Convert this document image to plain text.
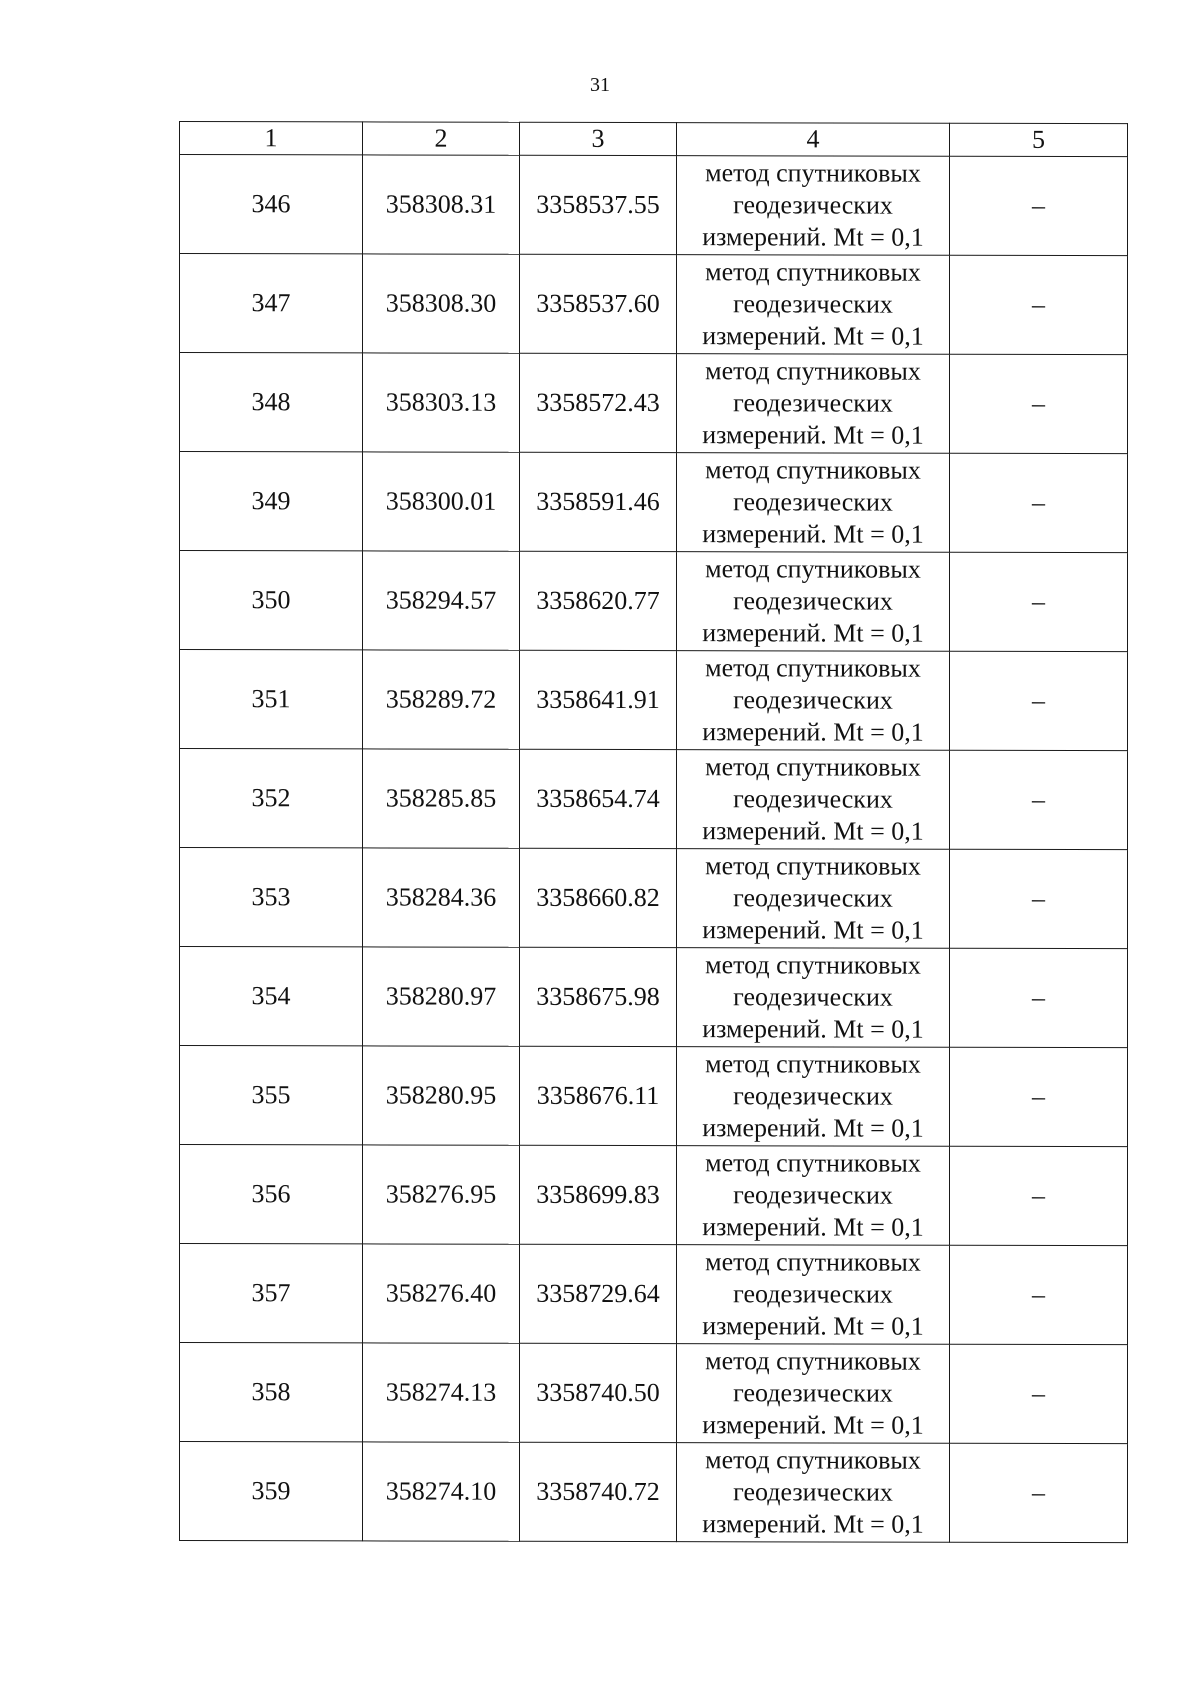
31
1	2	3	4	5
346	358308.31	3358537.55	метод спутниковых
геодезических
измерений. Mt = 0,1	–
347	358308.30	3358537.60	метод спутниковых
геодезических
измерений. Mt = 0,1	–
348	358303.13	3358572.43	метод спутниковых
геодезических
измерений. Mt = 0,1	–
349	358300.01	3358591.46	метод спутниковых
геодезических
измерений. Mt = 0,1	–
350	358294.57	3358620.77	метод спутниковых
геодезических
измерений. Mt = 0,1	–
351	358289.72	3358641.91	метод спутниковых
геодезических
измерений. Mt = 0,1	–
352	358285.85	3358654.74	метод спутниковых
геодезических
измерений. Mt = 0,1	–
353	358284.36	3358660.82	метод спутниковых
геодезических
измерений. Mt = 0,1	–
354	358280.97	3358675.98	метод спутниковых
геодезических
измерений. Mt = 0,1	–
355	358280.95	3358676.11	метод спутниковых
геодезических
измерений. Mt = 0,1	–
356	358276.95	3358699.83	метод спутниковых
геодезических
измерений. Mt = 0,1	–
357	358276.40	3358729.64	метод спутниковых
геодезических
измерений. Mt = 0,1	–
358	358274.13	3358740.50	метод спутниковых
геодезических
измерений. Mt = 0,1	–
359	358274.10	3358740.72	метод спутниковых
геодезических
измерений. Mt = 0,1	–
